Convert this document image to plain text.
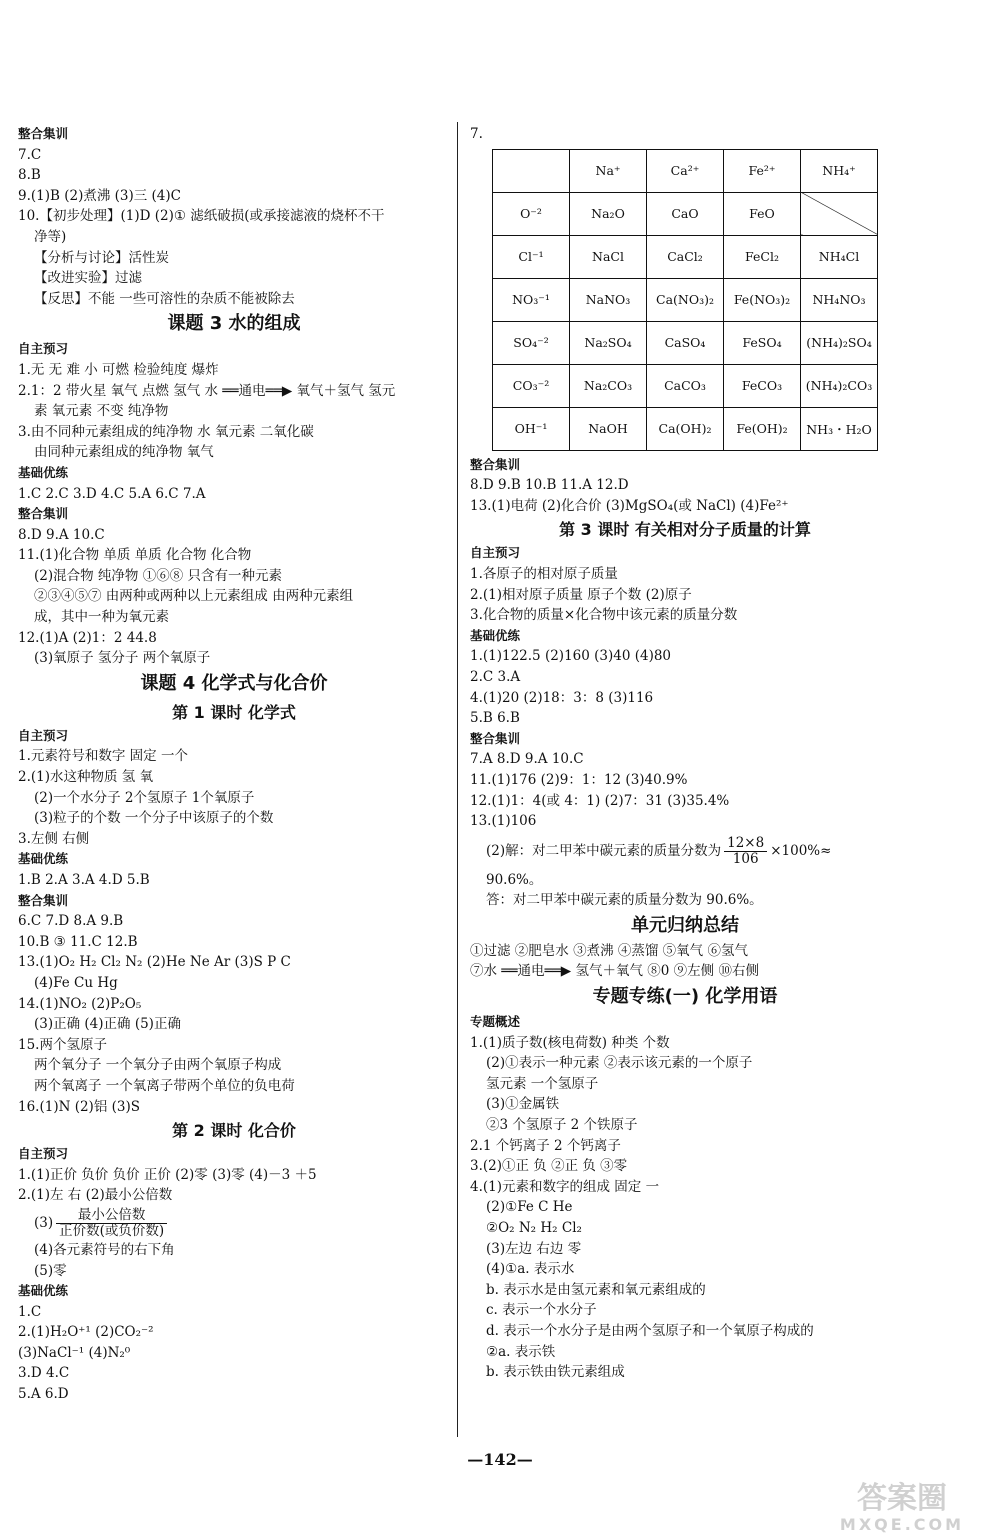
整合集训
7.C
8.B
9.(1)B (2)煮沸 (3)三 (4)C
10.【初步处理】(1)D (2)① 滤纸破损(或承接滤液的烧杯不干
净等)
【分析与讨论】活性炭
【改进实验】过滤
【反思】不能 一些可溶性的杂质不能被除去
课题 3 水的组成
自主预习
1.无 无 难 小 可燃 检验纯度 爆炸
2.1：2 带火星 氧气 点燃 氢气 水 ══通电══▶ 氧气＋氢气 氢元
素 氧元素 不变 纯净物
3.由不同种元素组成的纯净物 水 氧元素 二氧化碳
由同种元素组成的纯净物 氧气
基础优练
1.C 2.C 3.D 4.C 5.A 6.C 7.A
整合集训
8.D 9.A 10.C
11.(1)化合物 单质 单质 化合物 化合物
(2)混合物 纯净物 ①⑥⑧ 只含有一种元素
②③④⑤⑦ 由两种或两种以上元素组成 由两种元素组
成，其中一种为氧元素
12.(1)A (2)1：2 44.8
(3)氧原子 氢分子 两个氧原子
课题 4 化学式与化合价
第 1 课时 化学式
自主预习
1.元素符号和数字 固定 一个
2.(1)水这种物质 氢 氧
(2)一个水分子 2个氢原子 1个氧原子
(3)粒子的个数 一个分子中该原子的个数
3.左侧 右侧
基础优练
1.B 2.A 3.A 4.D 5.B
整合集训
6.C 7.D 8.A 9.B
10.B ③ 11.C 12.B
13.(1)O₂ H₂ Cl₂ N₂ (2)He Ne Ar (3)S P C
(4)Fe Cu Hg
14.(1)NO₂ (2)P₂O₅
(3)正确 (4)正确 (5)正确
15.两个氢原子
两个氧分子 一个氧分子由两个氧原子构成
两个氧离子 一个氧离子带两个单位的负电荷
16.(1)N (2)铝 (3)S
第 2 课时 化合价
自主预习
1.(1)正价 负价 负价 正价 (2)零 (3)零 (4)－3 ＋5
2.(1)左 右 (2)最小公倍数
$(3) \frac{\text{最小公倍数}}{\text{正价数(或负价数)}}$
(4)各元素符号的右下角
(5)零
基础优练
1.C
2.(1)H₂O⁺¹ (2)CO₂⁻²
(3)NaCl⁻¹ (4)N₂⁰
3.D 4.C
5.A 6.D
7.
	Na⁺	Ca²⁺	Fe²⁺	NH₄⁺
O⁻²	Na₂O	CaO	FeO	
Cl⁻¹	NaCl	CaCl₂	FeCl₂	NH₄Cl
NO₃⁻¹	NaNO₃	Ca(NO₃)₂	Fe(NO₃)₂	NH₄NO₃
SO₄⁻²	Na₂SO₄	CaSO₄	FeSO₄	(NH₄)₂SO₄
CO₃⁻²	Na₂CO₃	CaCO₃	FeCO₃	(NH₄)₂CO₃
OH⁻¹	NaOH	Ca(OH)₂	Fe(OH)₂	NH₃・H₂O
整合集训
8.D 9.B 10.B 11.A 12.D
13.(1)电荷 (2)化合价 (3)MgSO₄(或 NaCl) (4)Fe²⁺
第 3 课时 有关相对分子质量的计算
自主预习
1.各原子的相对原子质量
2.(1)相对原子质量 原子个数 (2)原子
3.化合物的质量×化合物中该元素的质量分数
基础优练
1.(1)122.5 (2)160 (3)40 (4)80
2.C 3.A
4.(1)20 (2)18：3：8 (3)116
5.B 6.B
整合集训
7.A 8.D 9.A 10.C
11.(1)176 (2)9：1：12 (3)40.9%
12.(1)1：4(或 4：1) (2)7：31 (3)35.4%
13.(1)106
(2)解：对二甲苯中碳元素的质量分数为 $\frac{12\times 8}{106} \times 100\%\approx$
90.6%。
答：对二甲苯中碳元素的质量分数为 90.6%。
单元归纳总结
①过滤 ②肥皂水 ③煮沸 ④蒸馏 ⑤氧气 ⑥氢气
⑦水 ══通电══▶ 氢气＋氧气 ⑧0 ⑨左侧 ⑩右侧
专题专练(一) 化学用语
专题概述
1.(1)质子数(核电荷数) 种类 个数
(2)①表示一种元素 ②表示该元素的一个原子
氢元素 一个氢原子
(3)①金属铁
②3 个氢原子 2 个铁原子
2.1 个钙离子 2 个钙离子
3.(2)①正 负 ②正 负 ③零
4.(1)元素和数字的组成 固定 一
(2)①Fe C He
②O₂ N₂ H₂ Cl₂
(3)左边 右边 零
(4)①a. 表示水
b. 表示水是由氢元素和氧元素组成的
c. 表示一个水分子
d. 表示一个水分子是由两个氢原子和一个氧原子构成的
②a. 表示铁
b. 表示铁由铁元素组成
—142—
答案圈
MXQE.COM
